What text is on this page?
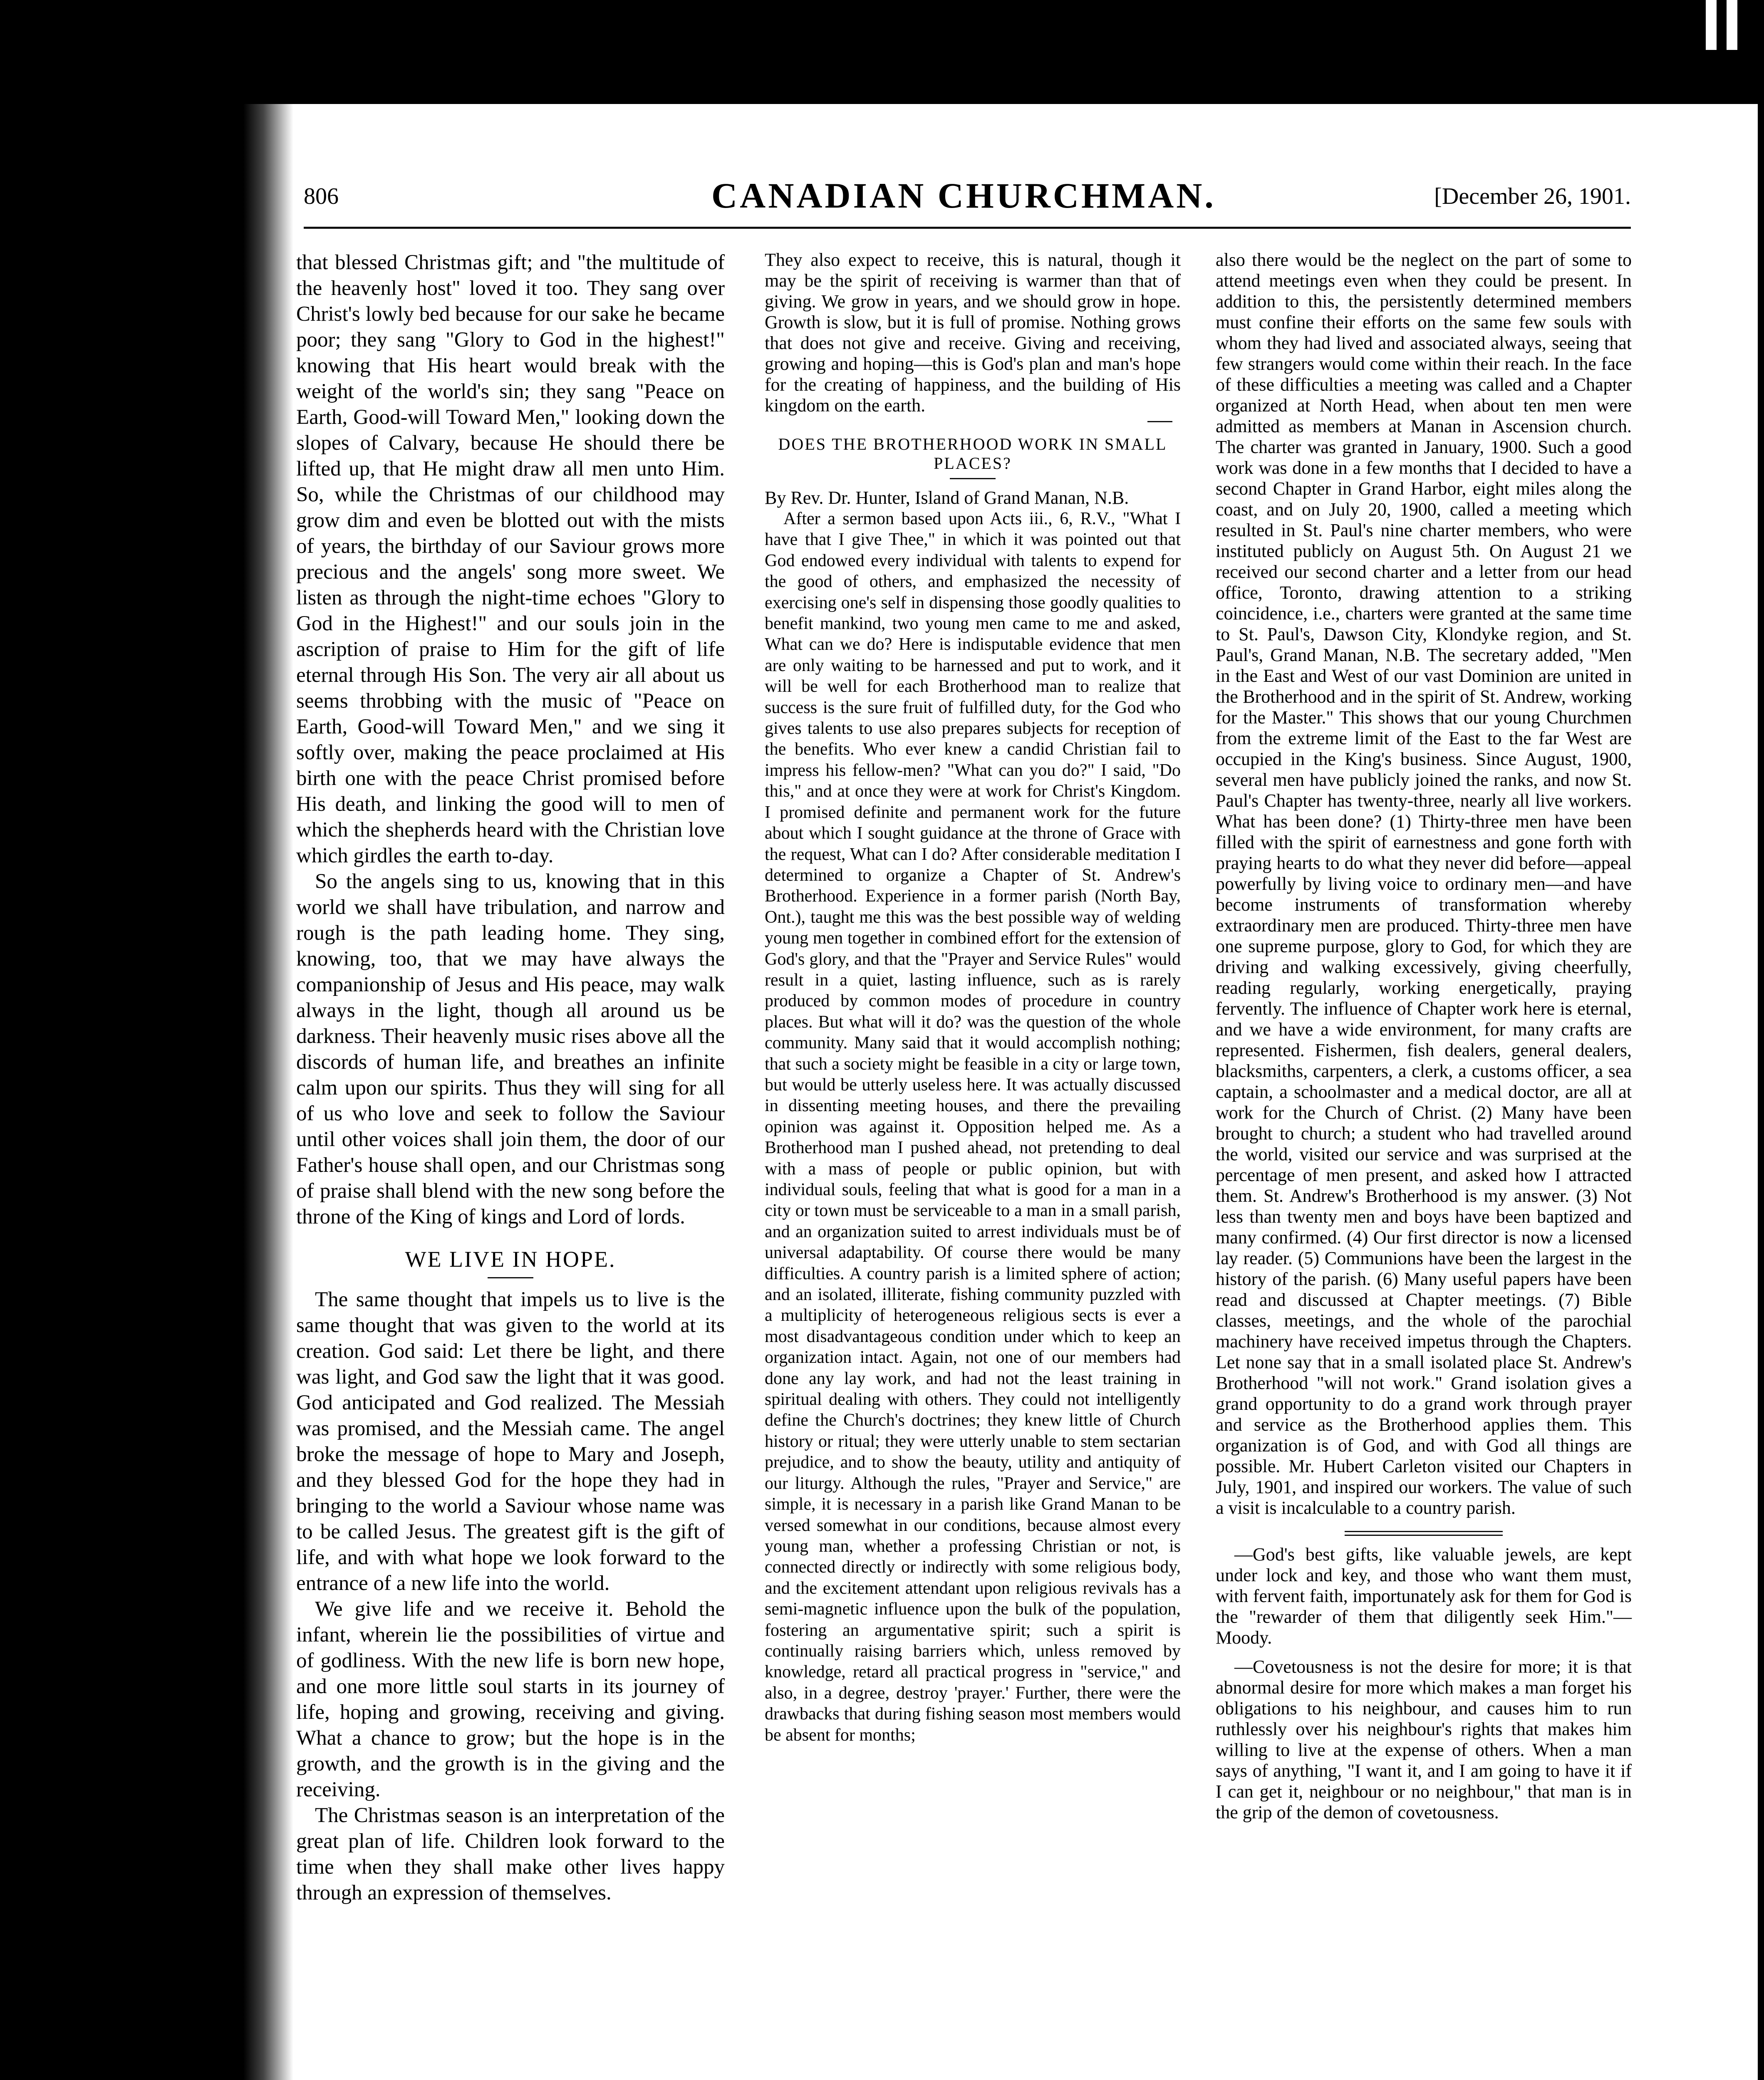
806	CANADIAN CHURCHMAN.	[December 26, 1901.

that blessed Christmas gift; and "the multitude of the heavenly host" loved it too. They sang over Christ's lowly bed because for our sake he became poor; they sang "Glory to God in the highest!" knowing that His heart would break with the weight of the world's sin; they sang "Peace on Earth, Good-will Toward Men," looking down the slopes of Calvary, because He should there be lifted up, that He might draw all men unto Him. So, while the Christmas of our childhood may grow dim and even be blotted out with the mists of years, the birthday of our Saviour grows more precious and the angels' song more sweet. We listen as through the night-time echoes "Glory to God in the Highest!" and our souls join in the ascription of praise to Him for the gift of life eternal through His Son. The very air all about us seems throbbing with the music of "Peace on Earth, Good-will Toward Men," and we sing it softly over, making the peace proclaimed at His birth one with the peace Christ promised before His death, and linking the good will to men of which the shepherds heard with the Christian love which girdles the earth to-day.

So the angels sing to us, knowing that in this world we shall have tribulation, and narrow and rough is the path leading home. They sing, knowing, too, that we may have always the companionship of Jesus and His peace, may walk always in the light, though all around us be darkness. Their heavenly music rises above all the discords of human life, and breathes an infinite calm upon our spirits. Thus they will sing for all of us who love and seek to follow the Saviour until other voices shall join them, the door of our Father's house shall open, and our Christmas song of praise shall blend with the new song before the throne of the King of kings and Lord of lords.

WE LIVE IN HOPE.

The same thought that impels us to live is the same thought that was given to the world at its creation. God said: Let there be light, and there was light, and God saw the light that it was good. God anticipated and God realized. The Messiah was promised, and the Messiah came. The angel broke the message of hope to Mary and Joseph, and they blessed God for the hope they had in bringing to the world a Saviour whose name was to be called Jesus. The greatest gift is the gift of life, and with what hope we look forward to the entrance of a new life into the world.

We give life and we receive it. Behold the infant, wherein lie the possibilities of virtue and of godliness. With the new life is born new hope, and one more little soul starts in its journey of life, hoping and growing, receiving and giving. What a chance to grow; but the hope is in the growth, and the growth is in the giving and the receiving.

The Christmas season is an interpretation of the great plan of life. Children look forward to the time when they shall make other lives happy through an expression of themselves.

They also expect to receive, this is natural, though it may be the spirit of receiving is warmer than that of giving. We grow in years, and we should grow in hope. Growth is slow, but it is full of promise. Nothing grows that does not give and receive. Giving and receiving, growing and hoping—this is God's plan and man's hope for the creating of happiness, and the building of His kingdom on the earth.

DOES THE BROTHERHOOD WORK IN SMALL PLACES?

By Rev. Dr. Hunter, Island of Grand Manan, N.B.

After a sermon based upon Acts iii., 6, R.V., "What I have that I give Thee," in which it was pointed out that God endowed every individual with talents to expend for the good of others, and emphasized the necessity of exercising one's self in dispensing those goodly qualities to benefit mankind, two young men came to me and asked, What can we do? Here is indisputable evidence that men are only waiting to be harnessed and put to work, and it will be well for each Brotherhood man to realize that success is the sure fruit of fulfilled duty, for the God who gives talents to use also prepares subjects for reception of the benefits. Who ever knew a candid Christian fail to impress his fellow-men? "What can you do?" I said, "Do this," and at once they were at work for Christ's Kingdom. I promised definite and permanent work for the future about which I sought guidance at the throne of Grace with the request, What can I do? After considerable meditation I determined to organize a Chapter of St. Andrew's Brotherhood. Experience in a former parish (North Bay, Ont.), taught me this was the best possible way of welding young men together in combined effort for the extension of God's glory, and that the "Prayer and Service Rules" would result in a quiet, lasting influence, such as is rarely produced by common modes of procedure in country places. But what will it do? was the question of the whole community. Many said that it would accomplish nothing; that such a society might be feasible in a city or large town, but would be utterly useless here. It was actually discussed in dissenting meeting houses, and there the prevailing opinion was against it. Opposition helped me. As a Brotherhood man I pushed ahead, not pretending to deal with a mass of people or public opinion, but with individual souls, feeling that what is good for a man in a city or town must be serviceable to a man in a small parish, and an organization suited to arrest individuals must be of universal adaptability. Of course there would be many difficulties. A country parish is a limited sphere of action; and an isolated, illiterate, fishing community puzzled with a multiplicity of heterogeneous religious sects is ever a most disadvantageous condition under which to keep an organization intact. Again, not one of our members had done any lay work, and had not the least training in spiritual dealing with others. They could not intelligently define the Church's doctrines; they knew little of Church history or ritual; they were utterly unable to stem sectarian prejudice, and to show the beauty, utility and antiquity of our liturgy. Although the rules, "Prayer and Service," are simple, it is necessary in a parish like Grand Manan to be versed somewhat in our conditions, because almost every young man, whether a professing Christian or not, is connected directly or indirectly with some religious body, and the excitement attendant upon religious revivals has a semi-magnetic influence upon the bulk of the population, fostering an argumentative spirit; such a spirit is continually raising barriers which, unless removed by knowledge, retard all practical progress in "service," and also, in a degree, destroy 'prayer.' Further, there were the drawbacks that during fishing season most members would be absent for months;

also there would be the neglect on the part of some to attend meetings even when they could be present. In addition to this, the persistently determined members must confine their efforts on the same few souls with whom they had lived and associated always, seeing that few strangers would come within their reach. In the face of these difficulties a meeting was called and a Chapter organized at North Head, when about ten men were admitted as members at Manan in Ascension church. The charter was granted in January, 1900. Such a good work was done in a few months that I decided to have a second Chapter in Grand Harbor, eight miles along the coast, and on July 20, 1900, called a meeting which resulted in St. Paul's nine charter members, who were instituted publicly on August 5th. On August 21 we received our second charter and a letter from our head office, Toronto, drawing attention to a striking coincidence, i.e., charters were granted at the same time to St. Paul's, Dawson City, Klondyke region, and St. Paul's, Grand Manan, N.B. The secretary added, "Men in the East and West of our vast Dominion are united in the Brotherhood and in the spirit of St. Andrew, working for the Master." This shows that our young Churchmen from the extreme limit of the East to the far West are occupied in the King's business. Since August, 1900, several men have publicly joined the ranks, and now St. Paul's Chapter has twenty-three, nearly all live workers. What has been done? (1) Thirty-three men have been filled with the spirit of earnestness and gone forth with praying hearts to do what they never did before—appeal powerfully by living voice to ordinary men—and have become instruments of transformation whereby extraordinary men are produced. Thirty-three men have one supreme purpose, glory to God, for which they are driving and walking excessively, giving cheerfully, reading regularly, working energetically, praying fervently. The influence of Chapter work here is eternal, and we have a wide environment, for many crafts are represented. Fishermen, fish dealers, general dealers, blacksmiths, carpenters, a clerk, a customs officer, a sea captain, a schoolmaster and a medical doctor, are all at work for the Church of Christ. (2) Many have been brought to church; a student who had travelled around the world, visited our service and was surprised at the percentage of men present, and asked how I attracted them. St. Andrew's Brotherhood is my answer. (3) Not less than twenty men and boys have been baptized and many confirmed. (4) Our first director is now a licensed lay reader. (5) Communions have been the largest in the history of the parish. (6) Many useful papers have been read and discussed at Chapter meetings. (7) Bible classes, meetings, and the whole of the parochial machinery have received impetus through the Chapters. Let none say that in a small isolated place St. Andrew's Brotherhood "will not work." Grand isolation gives a grand opportunity to do a grand work through prayer and service as the Brotherhood applies them. This organization is of God, and with God all things are possible. Mr. Hubert Carleton visited our Chapters in July, 1901, and inspired our workers. The value of such a visit is incalculable to a country parish.

—God's best gifts, like valuable jewels, are kept under lock and key, and those who want them must, with fervent faith, importunately ask for them for God is the "rewarder of them that diligently seek Him."—Moody.

—Covetousness is not the desire for more; it is that abnormal desire for more which makes a man forget his obligations to his neighbour, and causes him to run ruthlessly over his neighbour's rights that makes him willing to live at the expense of others. When a man says of anything, "I want it, and I am going to have it if I can get it, neighbour or no neighbour," that man is in the grip of the demon of covetousness.
